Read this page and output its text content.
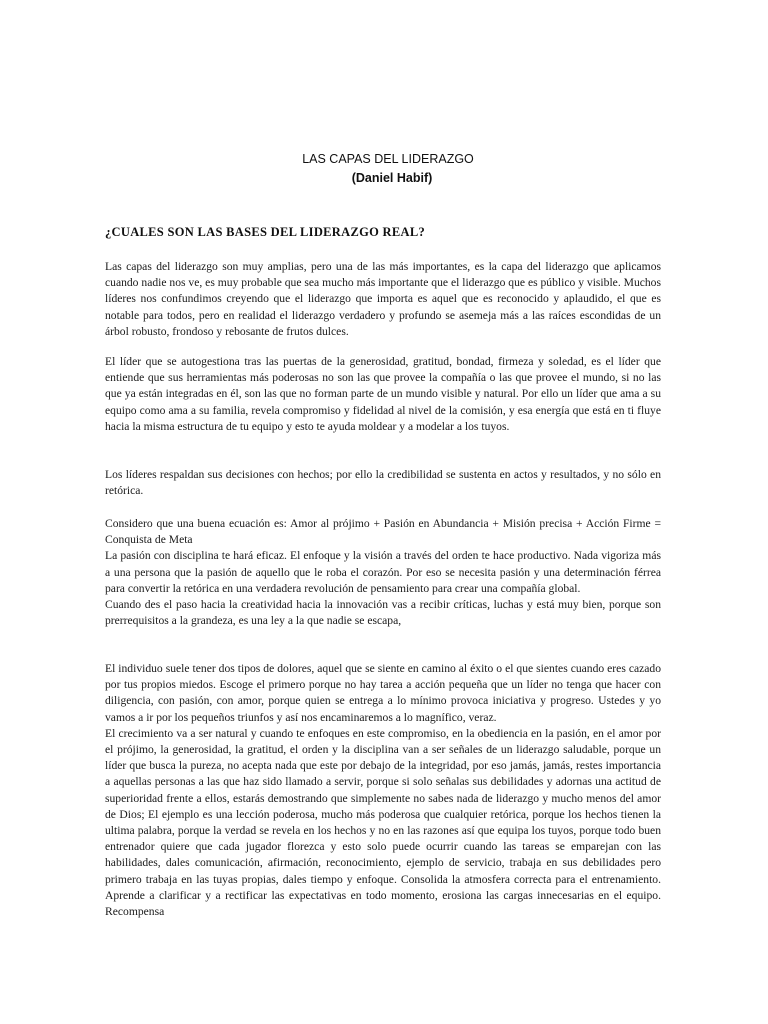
LAS CAPAS DEL LIDERAZGO
(Daniel Habif)
¿CUALES SON LAS BASES DEL LIDERAZGO REAL?

Las capas del liderazgo son muy amplias, pero una de las más importantes, es la capa del liderazgo que aplicamos cuando nadie nos ve, es muy probable que sea mucho más importante que el liderazgo que es público y visible. Muchos líderes nos confundimos creyendo que el liderazgo que importa es aquel que es reconocido y aplaudido, el que es notable para todos, pero en realidad el liderazgo verdadero y profundo se asemeja más a las raíces escondidas de un árbol robusto, frondoso y rebosante de frutos dulces.

El líder que se autogestiona tras las puertas de la generosidad, gratitud, bondad, firmeza y soledad, es el líder que entiende que sus herramientas más poderosas no son las que provee la compañía o las que provee el mundo, si no las que ya están integradas en él, son las que no forman parte de un mundo visible y natural. Por ello un líder que ama a su equipo como ama a su familia, revela compromiso y fidelidad al nivel de la comisión, y esa energía que está en ti fluye hacia la misma estructura de tu equipo y esto te ayuda moldear y a modelar a los tuyos.

Los líderes respaldan sus decisiones con hechos; por ello la credibilidad se sustenta en actos y resultados, y no sólo en retórica.

Considero que una buena ecuación es: Amor al prójimo + Pasión en Abundancia + Misión precisa + Acción Firme = Conquista de Meta

La pasión con disciplina te hará eficaz. El enfoque y la visión a través del orden te hace productivo. Nada vigoriza más a una persona que la pasión de aquello que le roba el corazón. Por eso se necesita pasión y una determinación férrea para convertir la retórica en una verdadera revolución de pensamiento para crear una compañía global.

Cuando des el paso hacia la creatividad hacia la innovación vas a recibir críticas, luchas y está muy bien, porque son prerrequisitos a la grandeza, es una ley a la que nadie se escapa,

El individuo suele tener dos tipos de dolores, aquel que se siente en camino al éxito o el que sientes cuando eres cazado por tus propios miedos. Escoge el primero porque no hay tarea a acción pequeña que un líder no tenga que hacer con diligencia, con pasión, con amor, porque quien se entrega a lo mínimo provoca iniciativa y progreso. Ustedes y yo vamos a ir por los pequeños triunfos y así nos encaminaremos a lo magnífico, veraz.

El crecimiento va a ser natural y cuando te enfoques en este compromiso, en la obediencia en la pasión, en el amor por el prójimo, la generosidad, la gratitud, el orden y la disciplina van a ser señales de un liderazgo saludable, porque un líder que busca la pureza, no acepta nada que este por debajo de la integridad, por eso jamás, jamás, restes importancia a aquellas personas a las que haz sido llamado a servir, porque si solo señalas sus debilidades y adornas una actitud de superioridad frente a ellos, estarás demostrando que simplemente no sabes nada de liderazgo y mucho menos del amor de Dios; El ejemplo es una lección poderosa, mucho más poderosa que cualquier retórica, porque los hechos tienen la ultima palabra, porque la verdad se revela en los hechos y no en las razones así que equipa los tuyos, porque todo buen entrenador quiere que cada jugador florezca y esto solo puede ocurrir cuando las tareas se emparejan con las habilidades, dales comunicación, afirmación, reconocimiento, ejemplo de servicio, trabaja en sus debilidades pero primero trabaja en las tuyas propias, dales tiempo y enfoque. Consolida la atmosfera correcta para el entrenamiento. Aprende a clarificar y a rectificar las expectativas en todo momento, erosiona las cargas innecesarias en el equipo. Recompensa
